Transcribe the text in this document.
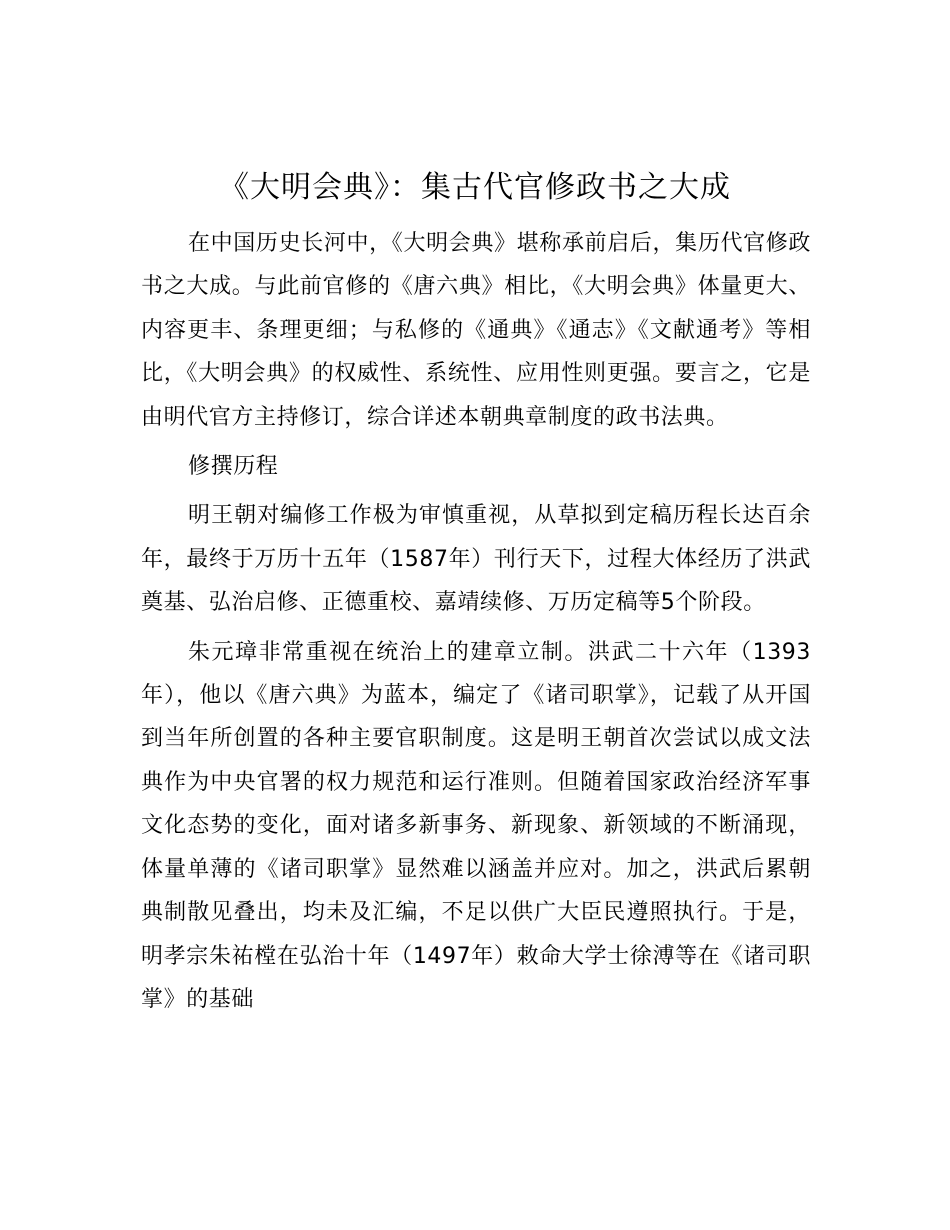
《大明会典》：集古代官修政书之大成

在中国历史长河中，《大明会典》堪称承前启后，集历代官修政书之大成。与此前官修的《唐六典》相比，《大明会典》体量更大、内容更丰、条理更细；与私修的《通典》《通志》《文献通考》等相比，《大明会典》的权威性、系统性、应用性则更强。要言之，它是由明代官方主持修订，综合详述本朝典章制度的政书法典。

修撰历程

明王朝对编修工作极为审慎重视，从草拟到定稿历程长达百余年，最终于万历十五年（1587年）刊行天下，过程大体经历了洪武奠基、弘治启修、正德重校、嘉靖续修、万历定稿等5个阶段。

朱元璋非常重视在统治上的建章立制。洪武二十六年（1393年），他以《唐六典》为蓝本，编定了《诸司职掌》，记载了从开国到当年所创置的各种主要官职制度。这是明王朝首次尝试以成文法典作为中央官署的权力规范和运行准则。但随着国家政治经济军事文化态势的变化，面对诸多新事务、新现象、新领域的不断涌现，体量单薄的《诸司职掌》显然难以涵盖并应对。加之，洪武后累朝典制散见叠出，均未及汇编，不足以供广大臣民遵照执行。于是，明孝宗朱祐樘在弘治十年（1497年）敕命大学士徐溥等在《诸司职掌》的基础
